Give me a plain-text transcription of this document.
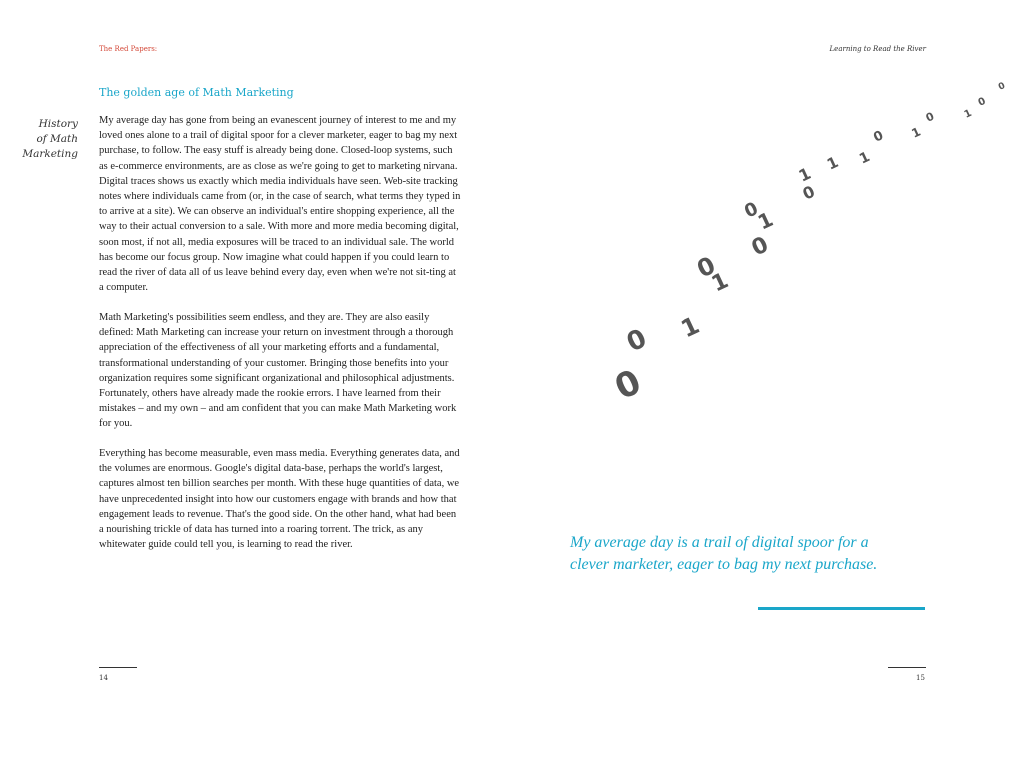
The Red Papers:	Learning to Read the River
The golden age of Math Marketing
History
of Math
Marketing

My average day has gone from being an evanescent journey of interest to me and my loved ones alone to a trail of digital spoor for a clever marketer, eager to bag my next purchase, to follow. The easy stuff is already being done. Closed-loop systems, such as e-commerce environments, are as close as we're going to get to marketing nirvana. Digital traces shows us exactly which media individuals have seen. Web-site tracking notes where individuals came from (or, in the case of search, what terms they typed in to arrive at a site). We can observe an individual's entire shopping experience, all the way to their actual conversion to a sale. With more and more media becoming digital, soon most, if not all, media exposures will be traced to an individual sale. The world has become our focus group. Now imagine what could happen if you could learn to read the river of data all of us leave behind every day, even when we're not sit-ting at a computer.

Math Marketing's possibilities seem endless, and they are. They are also easily defined: Math Marketing can increase your return on investment through a thorough appreciation of the effectiveness of all your marketing efforts and a fundamental, transformational understanding of your customer. Bringing those benefits into your organization requires some significant organizational and philosophical adjustments. Fortunately, others have already made the rookie errors. I have learned from their mistakes – and my own – and am confident that you can make Math Marketing work for you.

Everything has become measurable, even mass media. Everything generates data, and the volumes are enormous. Google's digital data-base, perhaps the world's largest, captures almost ten billion searches per month. With these huge quantities of data, we have unprecedented insight into how our customers engage with brands and how that engagement leads to revenue. That's the good side. On the other hand, what had been a nourishing trickle of data has turned into a roaring torrent. The trick, as any whitewater guide could tell you, is learning to read the river.

0
0 1
0
1
0
1
0
1
0
1 1
0 1
0	1
0
0
My average day is a trail of digital spoor for a clever marketer, eager to bag my next purchase.
14	15
